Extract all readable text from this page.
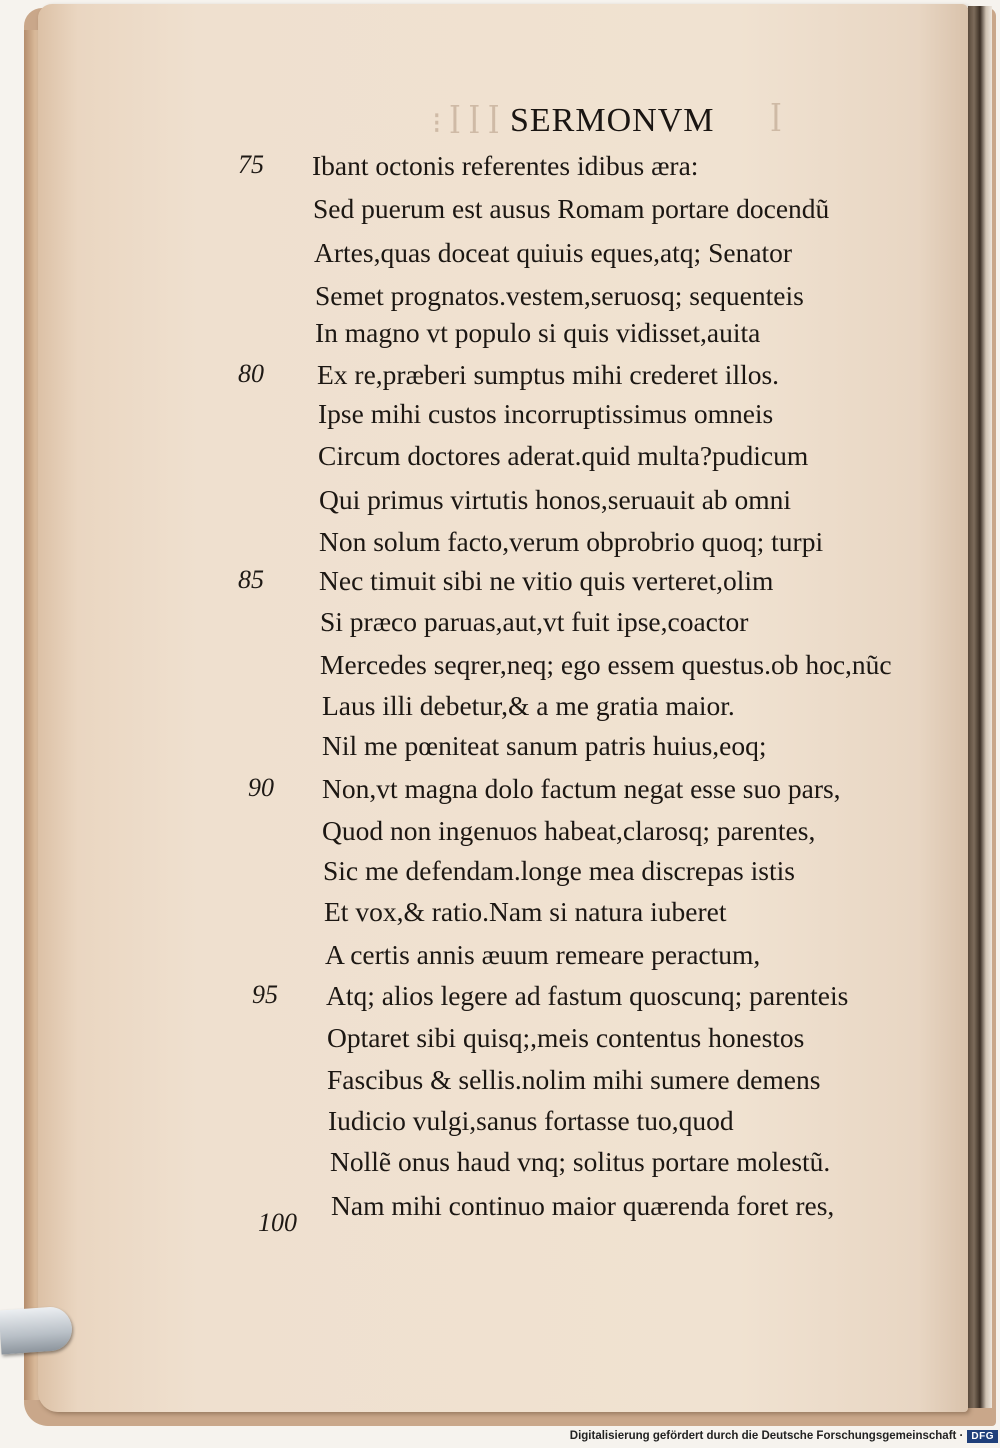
⁝ ꟾ ꟾ ꟾ	ꟾ
SERMONVM
75 Ibant octonis referentes idibus æra:
Sed puerum est ausus Romam portare docendũ
Artes,quas doceat quiuis eques,atq; Senator
Semet prognatos.vestem,seruosq; sequenteis
In magno vt populo si quis vidisset,auita
80 Ex re,præberi sumptus mihi crederet illos.
Ipse mihi custos incorruptissimus omneis
Circum doctores aderat.quid multa?pudicum
Qui primus virtutis honos,seruauit ab omni
Non solum facto,verum obprobrio quoq; turpi
85 Nec timuit sibi ne vitio quis verteret,olim
Si præco paruas,aut,vt fuit ipse,coactor
Mercedes seqrer,neq; ego essem questus.ob hoc,nũc
Laus illi debetur,& a me gratia maior.
Nil me pœniteat sanum patris huius,eoq;
90 Non,vt magna dolo factum negat esse suo pars,
Quod non ingenuos habeat,clarosq; parentes,
Sic me defendam.longe mea discrepas istis
Et vox,& ratio.Nam si natura iuberet
A certis annis æuum remeare peractum,
95 Atq; alios legere ad fastum quoscunq; parenteis
Optaret sibi quisq;,meis contentus honestos
Fascibus & sellis.nolim mihi sumere demens
Iudicio vulgi,sanus fortasse tuo,quod
Nollẽ onus haud vnq; solitus portare molestũ.
100
Nam mihi continuo maior quærenda foret res,
Digitalisierung gefördert durch die Deutsche Forschungsgemeinschaft · DFG
